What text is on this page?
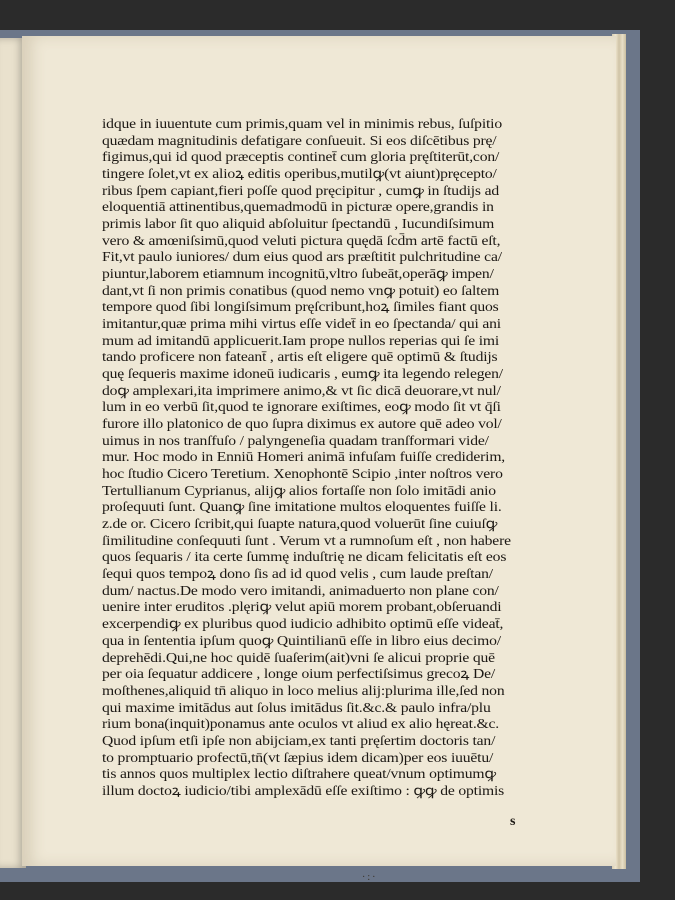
idque in iuuentute cum primis,quam vel in minimis rebus, ſuſpitio
quædam magnitudinis defatigare conſueuit. Si eos diſcētibus prę/
figimus,qui id quod præceptis continet̄ cum gloria pręſtiterūt,con/
tingere ſolet,vt ex alioꝝ editis operibus,mutilꝙ(vt aiunt)pręcepto/
ribus ſpem capiant,fieri poſſe quod pręcipitur , cumꝙ in ſtudijs ad
eloquentiā attinentibus,quemadmodū in picturæ opere,grandis in
primis labor ſit quo aliquid abſoluitur ſpectandū , Iucundiſsimum
vero & amœniſsimū,quod veluti pictura quędā ſcd̄m artē factū eſt,
Fit,vt paulo iuniores/ dum eius quod ars præſtitit pulchritudine ca/
piuntur,laborem etiamnum incognitū,vltro ſubeāt,operāꝙ impen/
dant,vt ſi non primis conatibus (quod nemo vnꝙ potuit) eo ſaltem
tempore quod ſibi longiſsimum pręſcribunt,hoꝝ ſimiles fiant quos
imitantur,quæ prima mihi virtus eſſe videt̄ in eo ſpectanda/ qui ani
mum ad imitandū applicuerit.Iam prope nullos reperias qui ſe imi
tando proficere non fateant̄ , artis eſt eligere quē optimū & ſtudijs
quę ſequeris maxime idoneū iudicaris , eumꝙ ita legendo relegen/
doꝙ amplexari,ita imprimere animo,& vt ſic dicā deuorare,vt nul/
lum in eo verbū ſit,quod te ignorare exiſtimes, eoꝙ modo ſit vt q̄ſi
furore illo platonico de quo ſupra diximus ex autore quē adeo vol/
uimus in nos tranſfuſo / palyngeneſia quadam tranſformari vide/
mur. Hoc modo in Enniū Homeri animā infuſam fuiſſe crediderim,
hoc ſtudio Cicero Teretium. Xenophontē Scipio ,inter noſtros vero
Tertullianum Cyprianus, alijꝙ alios fortaſſe non ſolo imitādi anio
proſequuti ſunt. Quanꝙ ſine imitatione multos eloquentes fuiſſe li.
z.de or. Cicero ſcribit,qui ſuapte natura,quod voluerūt ſine cuiuſꝙ
ſimilitudine conſequuti ſunt . Verum vt a rumnoſum eſt , non habere
quos ſequaris / ita certe ſummę induſtrię ne dicam felicitatis eſt eos
ſequi quos tempoꝝ dono ſis ad id quod velis , cum laude preſtan/
dum/ nactus.De modo vero imitandi, animaduerto non plane con/
uenire inter eruditos .plęriꝙ velut apiū morem probant,obſeruandi
excerpendiꝙ ex pluribus quod iudicio adhibito optimū eſſe videat̄,
qua in ſententia ipſum quoꝙ Quintilianū eſſe in libro eius decimo/
deprehēdi.Qui,ne hoc quidē ſuaſerim(ait)vni ſe alicui proprie quē
per oia ſequatur addicere , longe oium perfectiſsimus grecoꝝ De/
moſthenes,aliquid tn̄ aliquo in loco melius alij:plurima ille,ſed non
qui maxime imitādus aut ſolus imitādus ſit.&c.& paulo infra/plu
rium bona(inquit)ponamus ante oculos vt aliud ex alio hęreat.&c.
Quod ipſum etſi ipſe non abijciam,ex tanti pręſertim doctoris tan/
to promptuario profectū,tn̄(vt ſæpius idem dicam)per eos iuuētu/
tis annos quos multiplex lectio diſtrahere queat/vnum optimumꝙ
illum doctoꝝ iudicio/tibi amplexādū eſſe exiſtimo : ꝙꝙ de optimis
s
·:·
